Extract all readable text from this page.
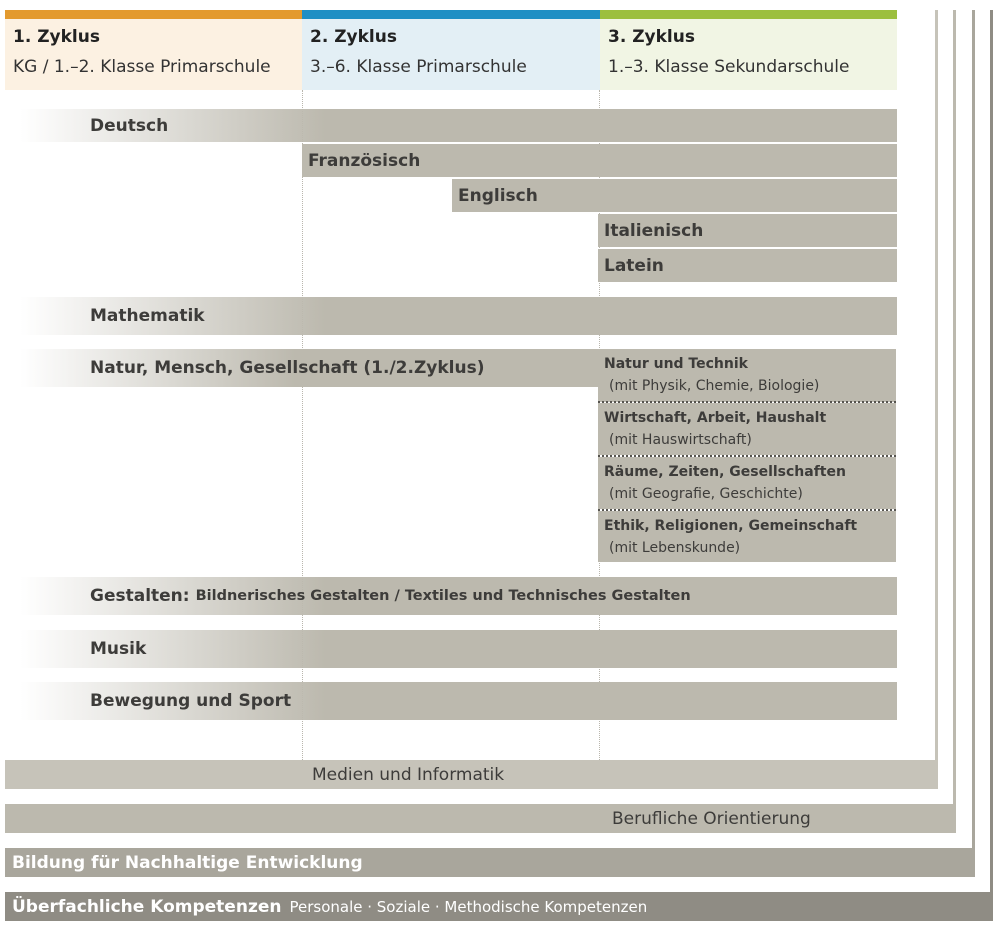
1. Zyklus
KG / 1.–2. Klasse Primarschule
2. Zyklus
3.–6. Klasse Primarschule
3. Zyklus
1.–3. Klasse Sekundarschule
Deutsch
Französisch
Englisch
Italienisch
Latein
Mathematik
Natur, Mensch, Gesellschaft (1./2.Zyklus)	Natur und Technik
(mit Physik, Chemie, Biologie)
Wirtschaft, Arbeit, Haushalt
(mit Hauswirtschaft)
Räume, Zeiten, Gesellschaften
(mit Geografie, Geschichte)
Ethik, Religionen, Gemeinschaft
(mit Lebenskunde)
Gestalten: Bildnerisches Gestalten / Textiles und Technisches Gestalten
Musik
Bewegung und Sport
Medien und Informatik
Berufliche Orientierung
Bildung für Nachhaltige Entwicklung
Überfachliche Kompetenzen Personale · Soziale · Methodische Kompetenzen
